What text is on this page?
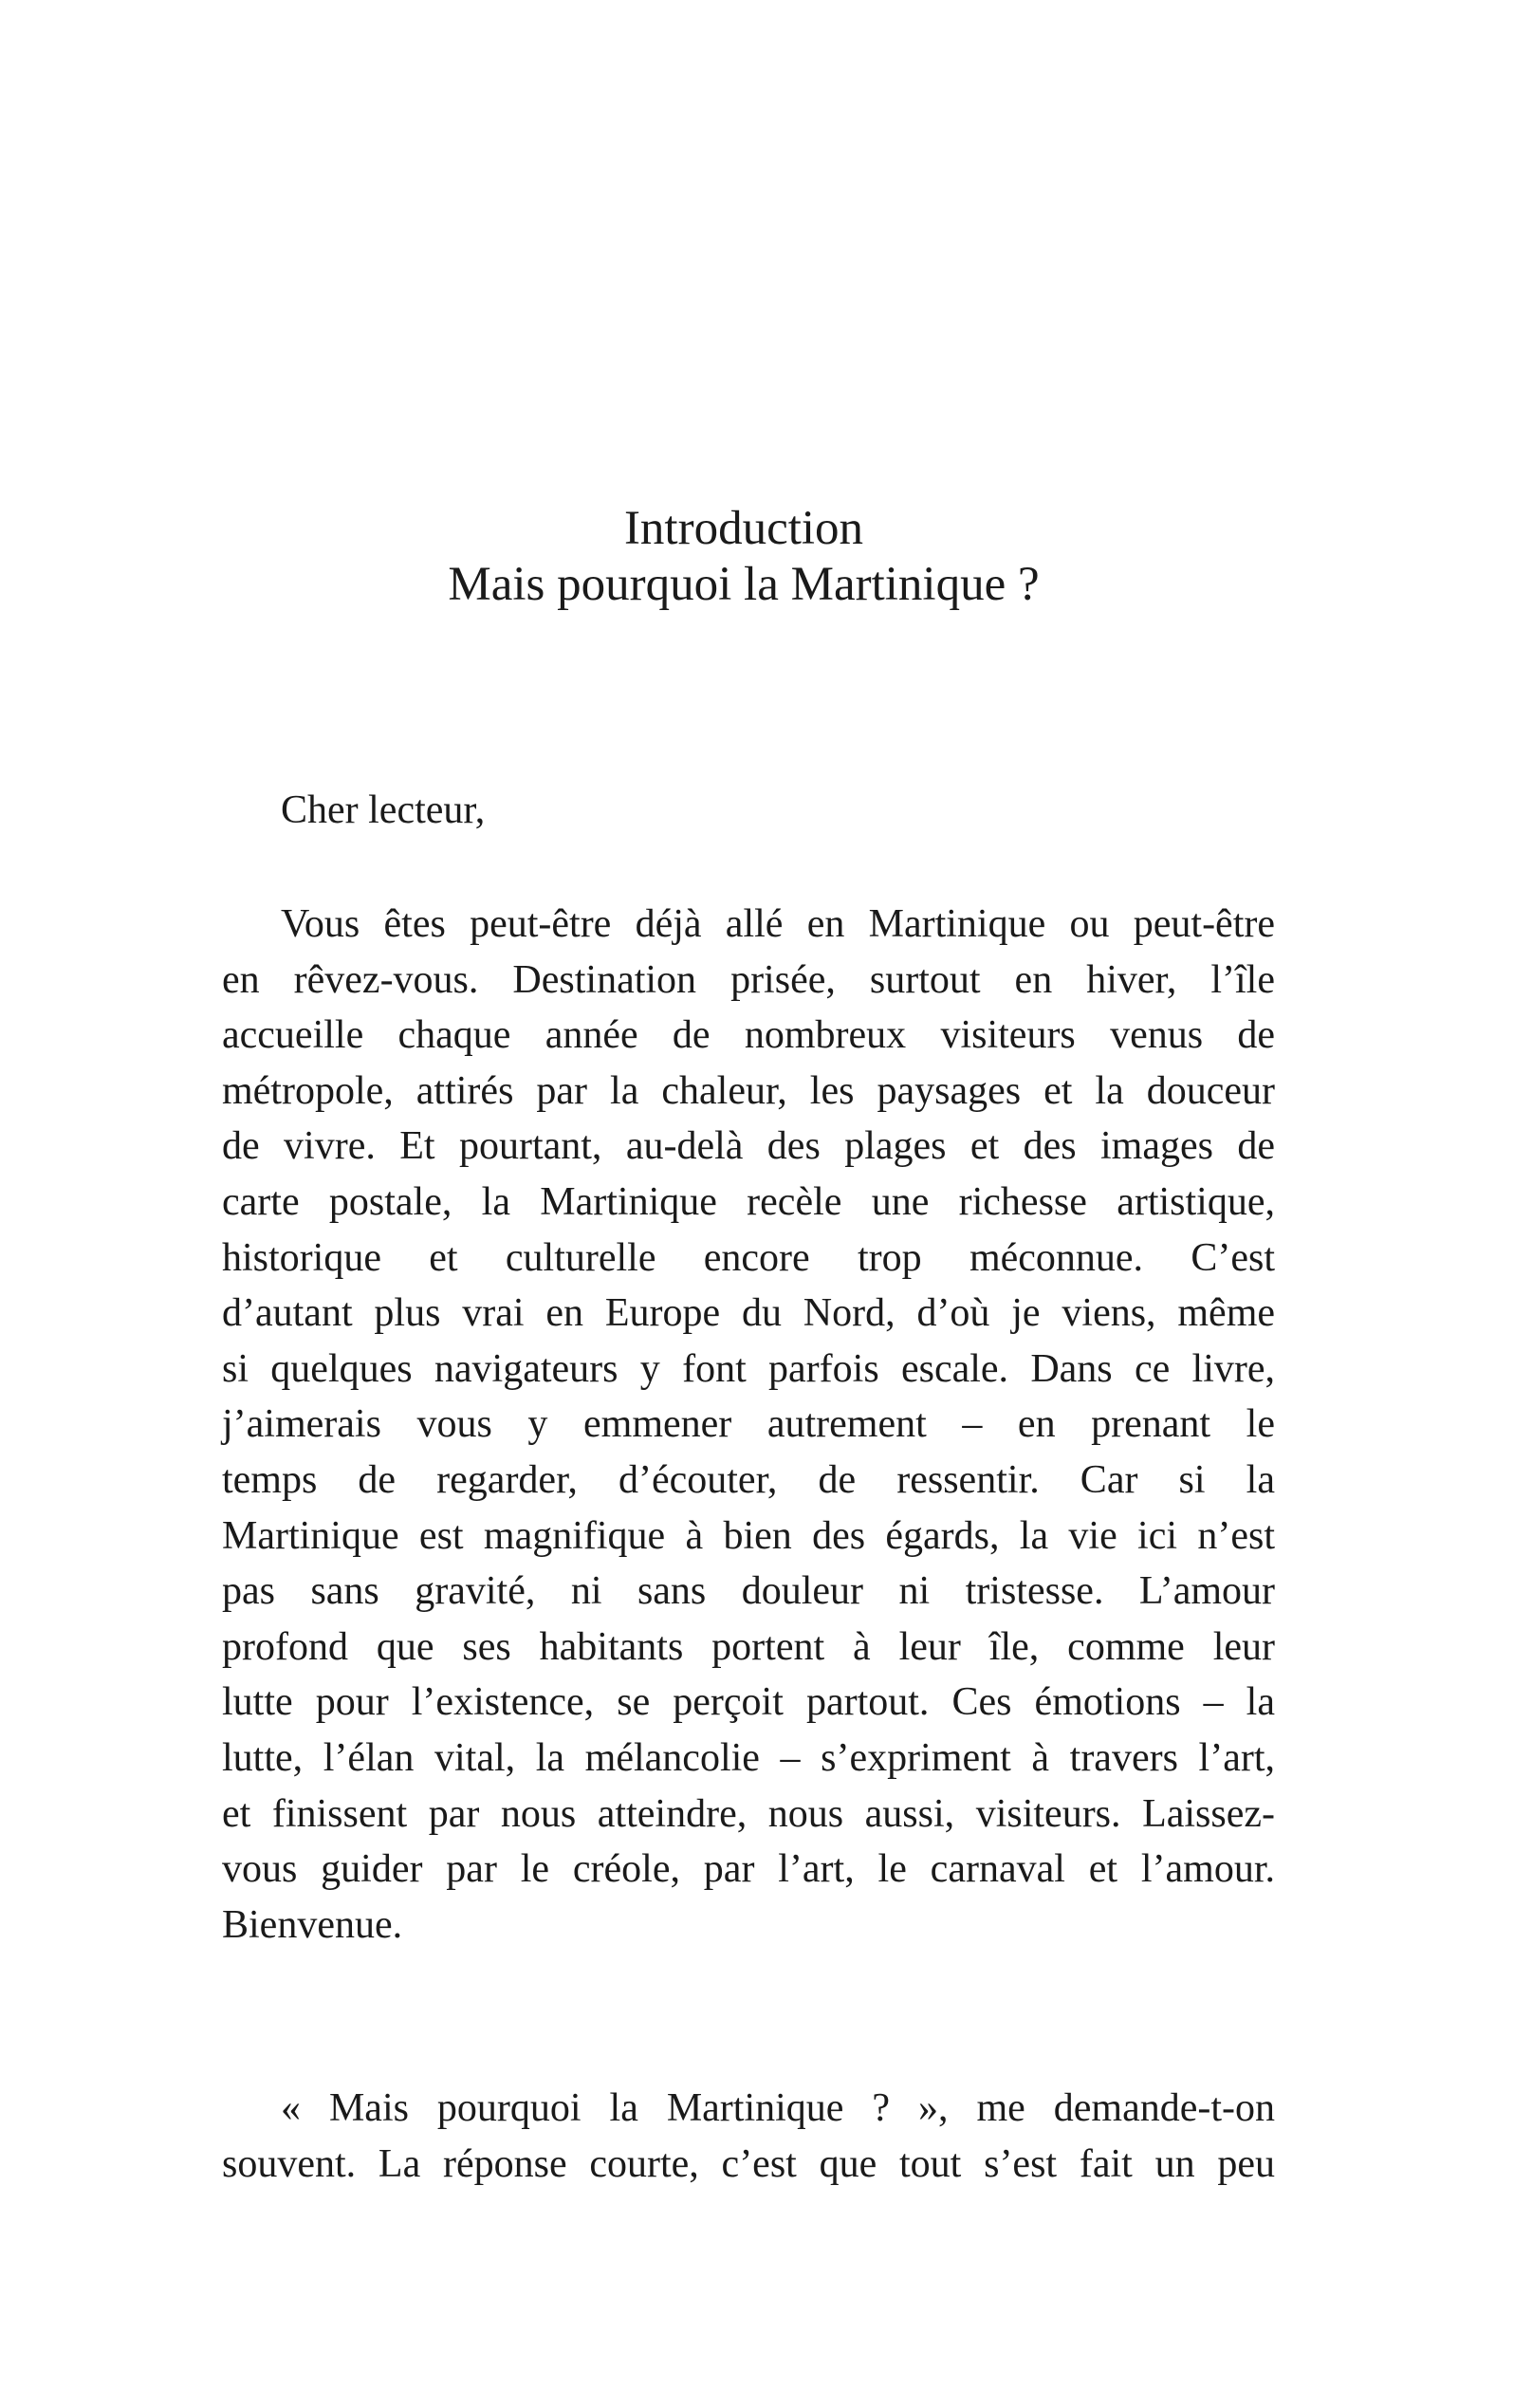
Introduction
Mais pourquoi la Martinique ?
Cher lecteur,
Vous êtes peut-être déjà allé en Martinique ou peut-être
en rêvez-vous. Destination prisée, surtout en hiver, l’île
accueille chaque année de nombreux visiteurs venus de
métropole, attirés par la chaleur, les paysages et la douceur
de vivre. Et pourtant, au-delà des plages et des images de
carte postale, la Martinique recèle une richesse artistique,
historique et culturelle encore trop méconnue. C’est
d’autant plus vrai en Europe du Nord, d’où je viens, même
si quelques navigateurs y font parfois escale. Dans ce livre,
j’aimerais vous y emmener autrement – en prenant le
temps de regarder, d’écouter, de ressentir. Car si la
Martinique est magnifique à bien des égards, la vie ici n’est
pas sans gravité, ni sans douleur ni tristesse. L’amour
profond que ses habitants portent à leur île, comme leur
lutte pour l’existence, se perçoit partout. Ces émotions – la
lutte, l’élan vital, la mélancolie – s’expriment à travers l’art,
et finissent par nous atteindre, nous aussi, visiteurs. Laissez-
vous guider par le créole, par l’art, le carnaval et l’amour.
Bienvenue.
« Mais pourquoi la Martinique ? », me demande-t-on
souvent. La réponse courte, c’est que tout s’est fait un peu
